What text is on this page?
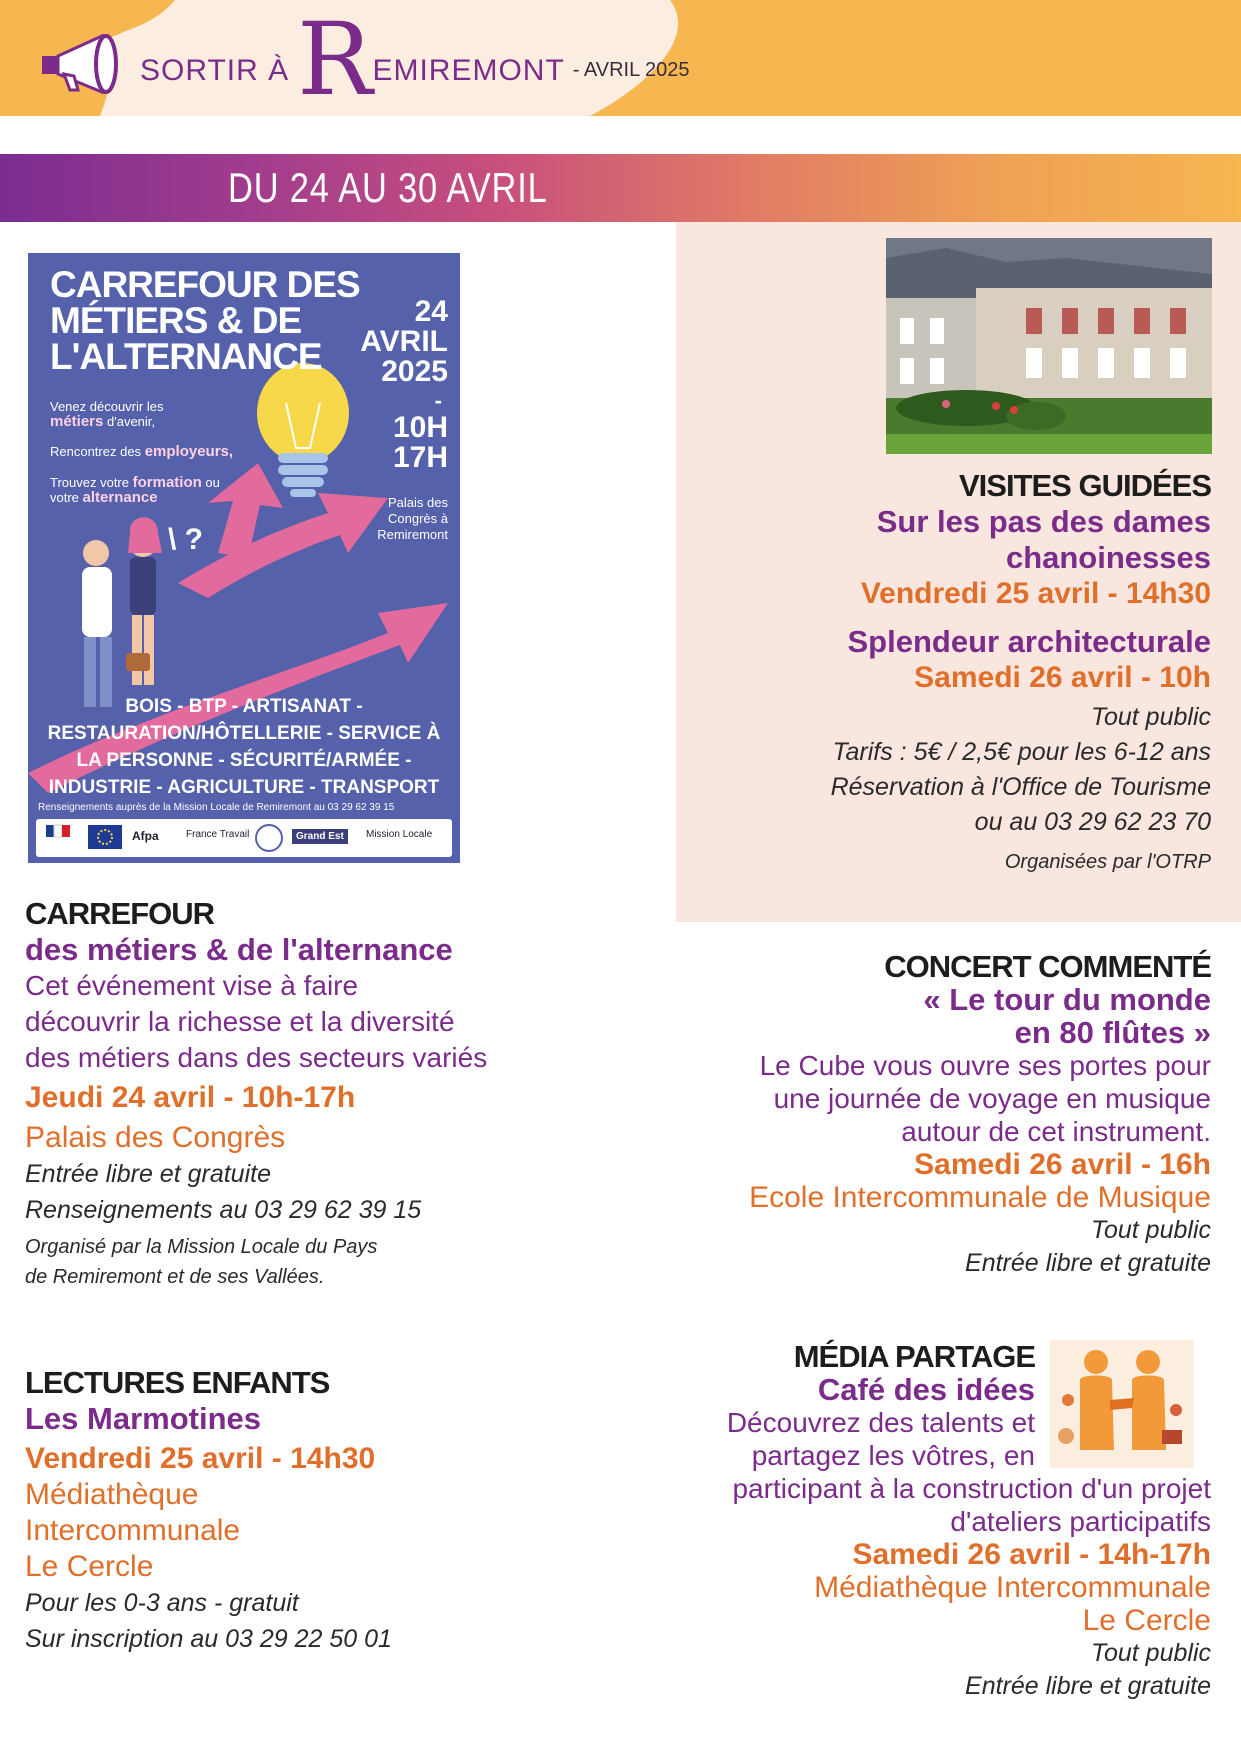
SORTIR À R EMIREMONT - AVRIL 2025
DU 24 AU 30 AVRIL
CARREFOUR DES
MÉTIERS & DE
L'ALTERNANCE
24
AVRIL
2025
-
10H
17H
Palais des
Congrès à
Remiremont
Venez découvrir les
métiers d'avenir,
Rencontrez des employeurs,
Trouvez votre formation ou
votre alternance
\ ?
BOIS - BTP - ARTISANAT -
RESTAURATION/HÔTELLERIE - SERVICE À
LA PERSONNE - SÉCURITÉ/ARMÉE -
INDUSTRIE - AGRICULTURE - TRANSPORT
Renseignements auprès de la Mission Locale de Remiremont au 03 29 62 39 15
Afpa	France Travail	Grand Est	Mission Locale

VISITES GUIDÉES

Sur les pas des dames

chanoinesses

Vendredi 25 avril - 14h30

Splendeur architecturale

Samedi 26 avril - 10h

Tout public

Tarifs : 5€ / 2,5€ pour les 6-12 ans

Réservation à l'Office de Tourisme

ou au 03 29 62 23 70

Organisées par l'OTRP

CARREFOUR

des métiers & de l'alternance

Cet événement vise à faire

découvrir la richesse et la diversité

des métiers dans des secteurs variés

Jeudi 24 avril - 10h-17h

Palais des Congrès

Entrée libre et gratuite

Renseignements au 03 29 62 39 15

Organisé par la Mission Locale du Pays

de Remiremont et de ses Vallées.

CONCERT COMMENTÉ

« Le tour du monde

en 80 flûtes »

Le Cube vous ouvre ses portes pour

une journée de voyage en musique

autour de cet instrument.

Samedi 26 avril - 16h

Ecole Intercommunale de Musique

Tout public

Entrée libre et gratuite

LECTURES ENFANTS

Les Marmotines

Vendredi 25 avril - 14h30

Médiathèque

Intercommunale

Le Cercle

Pour les 0-3 ans - gratuit

Sur inscription au 03 29 22 50 01

MÉDIA PARTAGE

Café des idées

Découvrez des talents et

partagez les vôtres, en

participant à la construction d'un projet

d'ateliers participatifs

Samedi 26 avril - 14h-17h

Médiathèque Intercommunale

Le Cercle

Tout public

Entrée libre et gratuite
